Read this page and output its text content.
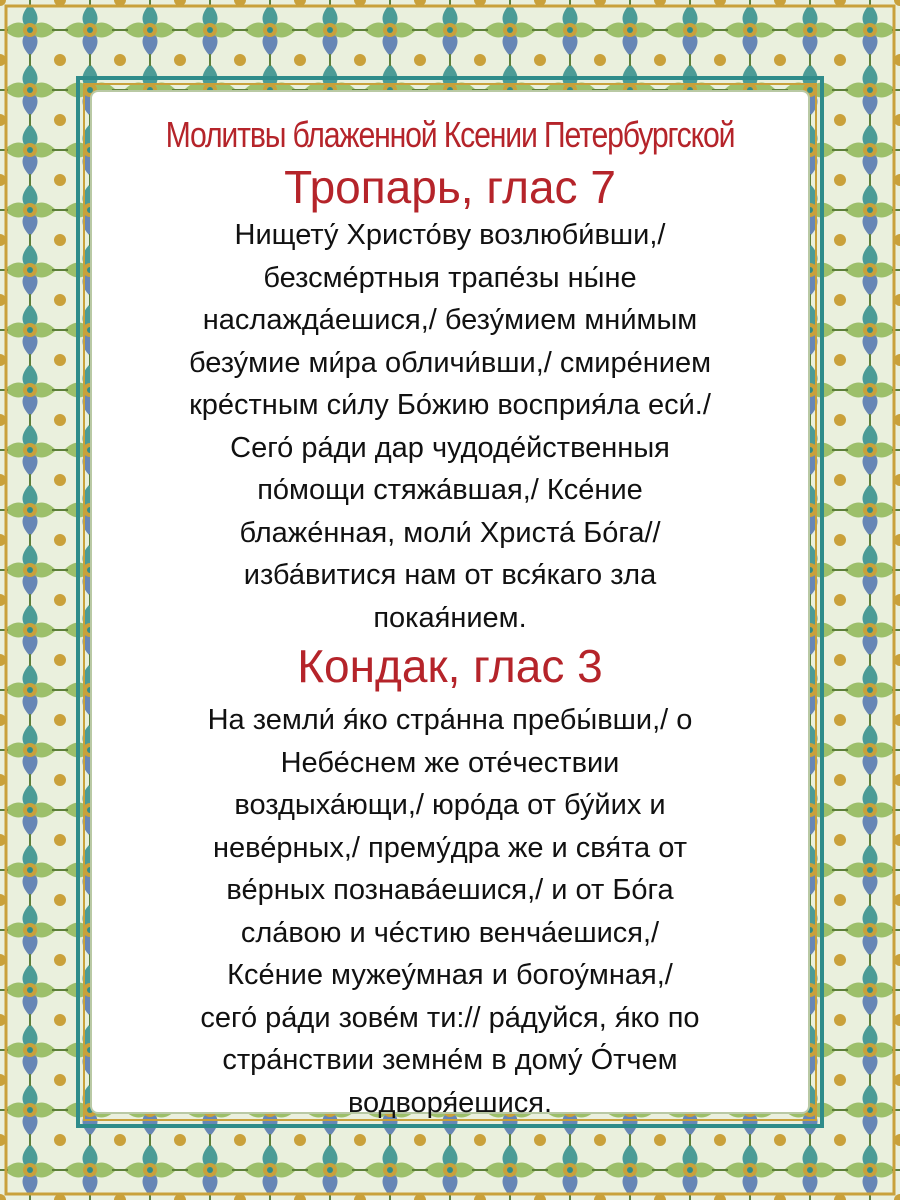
Молитвы блаженной Ксении Петербургской
Тропарь, глас 7
Нищету́ Христо́ву возлюби́вши,/
безсме́ртныя трапе́зы ны́не
наслажда́ешися,/ безу́мием мни́мым
безу́мие ми́ра обличи́вши,/ смире́нием
кре́стным си́лу Бо́жию восприя́ла еси́./
Сего́ ра́ди дар чудоде́йственныя
по́мощи стяжа́вшая,/ Ксе́ние
блаже́нная, моли́ Христа́ Бо́га//
изба́витися нам от вся́каго зла
покая́нием.
Кондак, глас 3
На земли́ я́ко стра́нна пребы́вши,/ о
Небе́снем же оте́чествии
воздыха́ющи,/ юро́да от бу́йих и
неве́рных,/ прему́дра же и свя́та от
ве́рных познава́ешися,/ и от Бо́га
сла́вою и че́стию венча́ешися,/
Ксе́ние мужеу́мная и богоу́мная,/
сего́ ра́ди зове́м ти:// ра́дуйся, я́ко по
стра́нствии земне́м в дому́ О́тчем
водворя́ешися.
